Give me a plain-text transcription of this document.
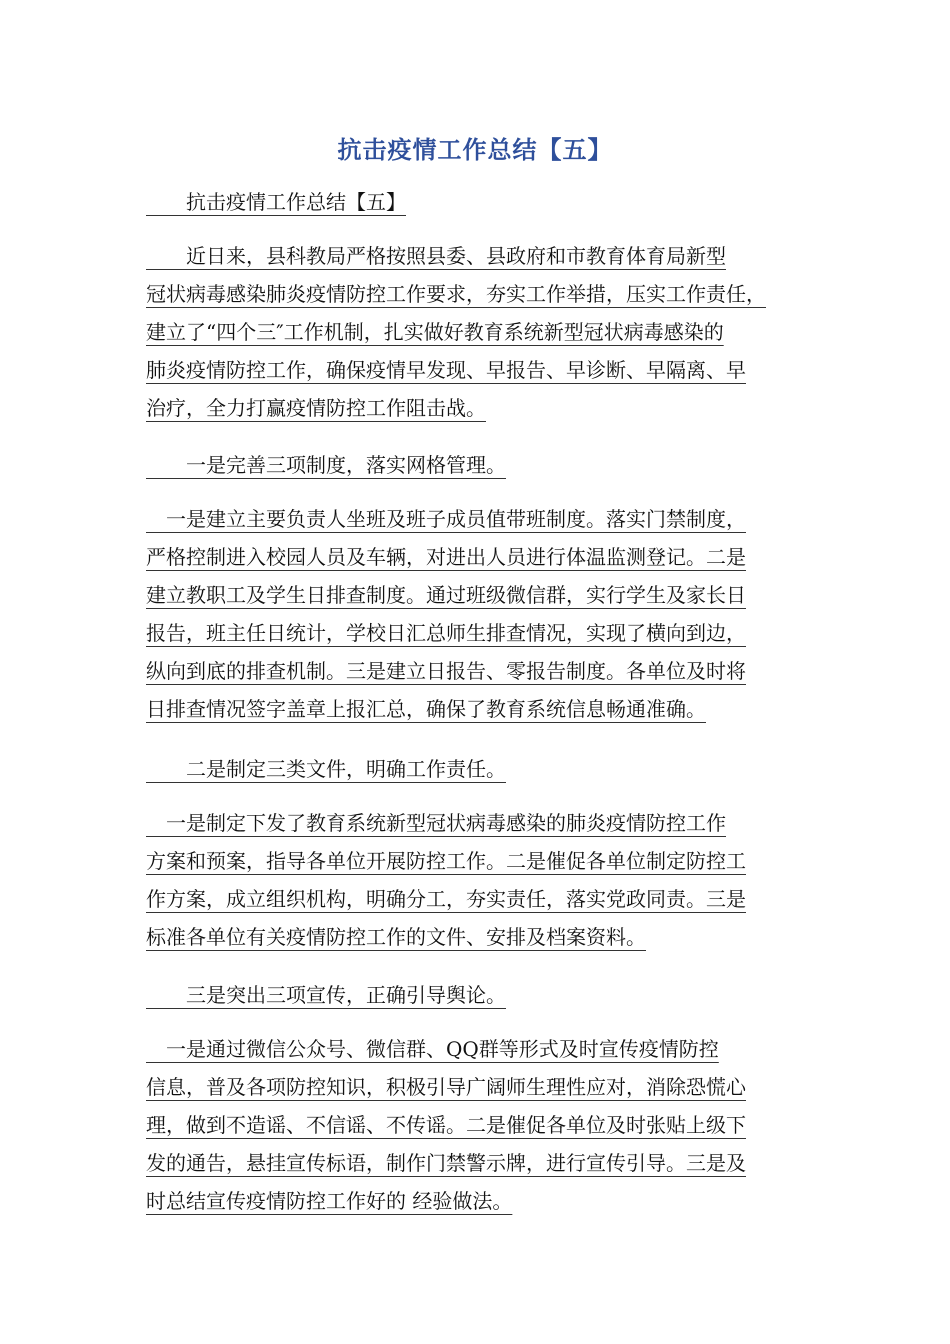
抗击疫情工作总结【五】
　　抗击疫情工作总结【五】
　　近日来，县科教局严格按照县委、县政府和市教育体育局新型
冠状病毒感染肺炎疫情防控工作要求，夯实工作举措，压实工作责任，
建立了“四个三″工作机制，扎实做好教育系统新型冠状病毒感染的
肺炎疫情防控工作，确保疫情早发现、早报告、早诊断、早隔离、早
治疗，全力打赢疫情防控工作阻击战。
　　一是完善三项制度，落实网格管理。
　一是建立主要负责人坐班及班子成员值带班制度。落实门禁制度，
严格控制进入校园人员及车辆，对进出人员进行体温监测登记。二是
建立教职工及学生日排查制度。通过班级微信群，实行学生及家长日
报告，班主任日统计，学校日汇总师生排查情况，实现了横向到边，
纵向到底的排查机制。三是建立日报告、零报告制度。各单位及时将
日排查情况签字盖章上报汇总，确保了教育系统信息畅通准确。
　　二是制定三类文件，明确工作责任。
　一是制定下发了教育系统新型冠状病毒感染的肺炎疫情防控工作
方案和预案，指导各单位开展防控工作。二是催促各单位制定防控工
作方案，成立组织机构，明确分工，夯实责任，落实党政同责。三是
标准各单位有关疫情防控工作的文件、安排及档案资料。
　　三是突出三项宣传，正确引导舆论。
　一是通过微信公众号、微信群、QQ群等形式及时宣传疫情防控
信息，普及各项防控知识，积极引导广阔师生理性应对，消除恐慌心
理，做到不造谣、不信谣、不传谣。二是催促各单位及时张贴上级下
发的通告，悬挂宣传标语，制作门禁警示牌，进行宣传引导。三是及
时总结宣传疫情防控工作好的 经验做法。
